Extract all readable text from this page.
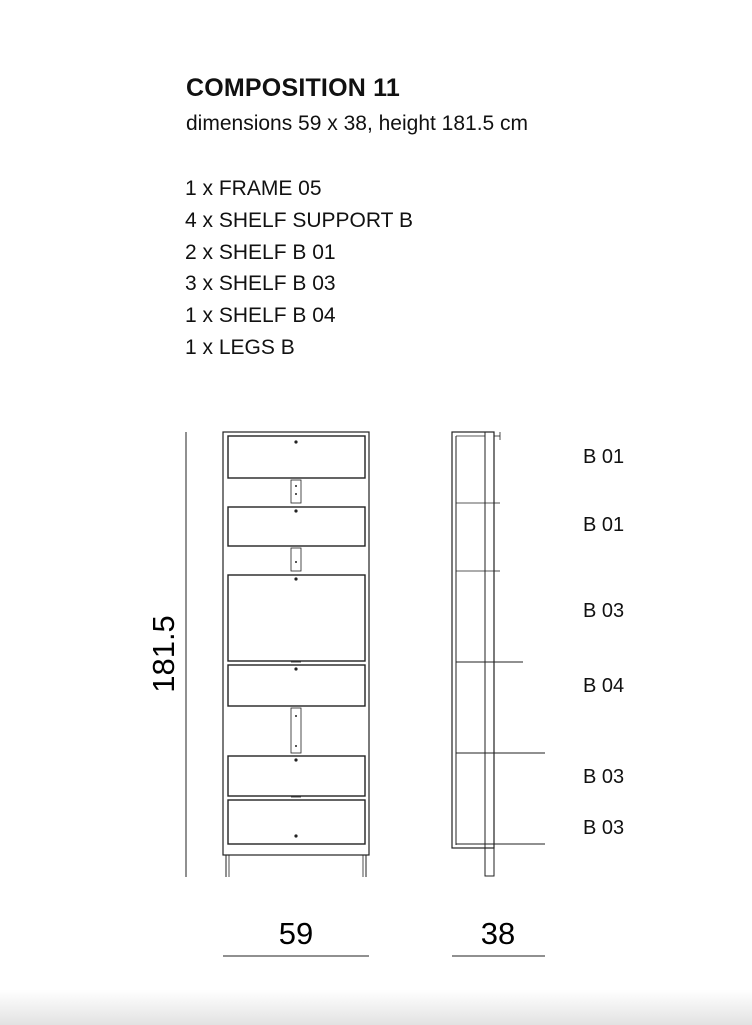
COMPOSITION 11

dimensions 59 x 38, height 181.5 cm

1 x FRAME 05
4 x SHELF SUPPORT B
2 x SHELF B 01
3 x SHELF B 03
1 x SHELF B 04
1 x LEGS B
181.5
B 01
B 01
B 03
B 04
B 03
B 03
59	38
